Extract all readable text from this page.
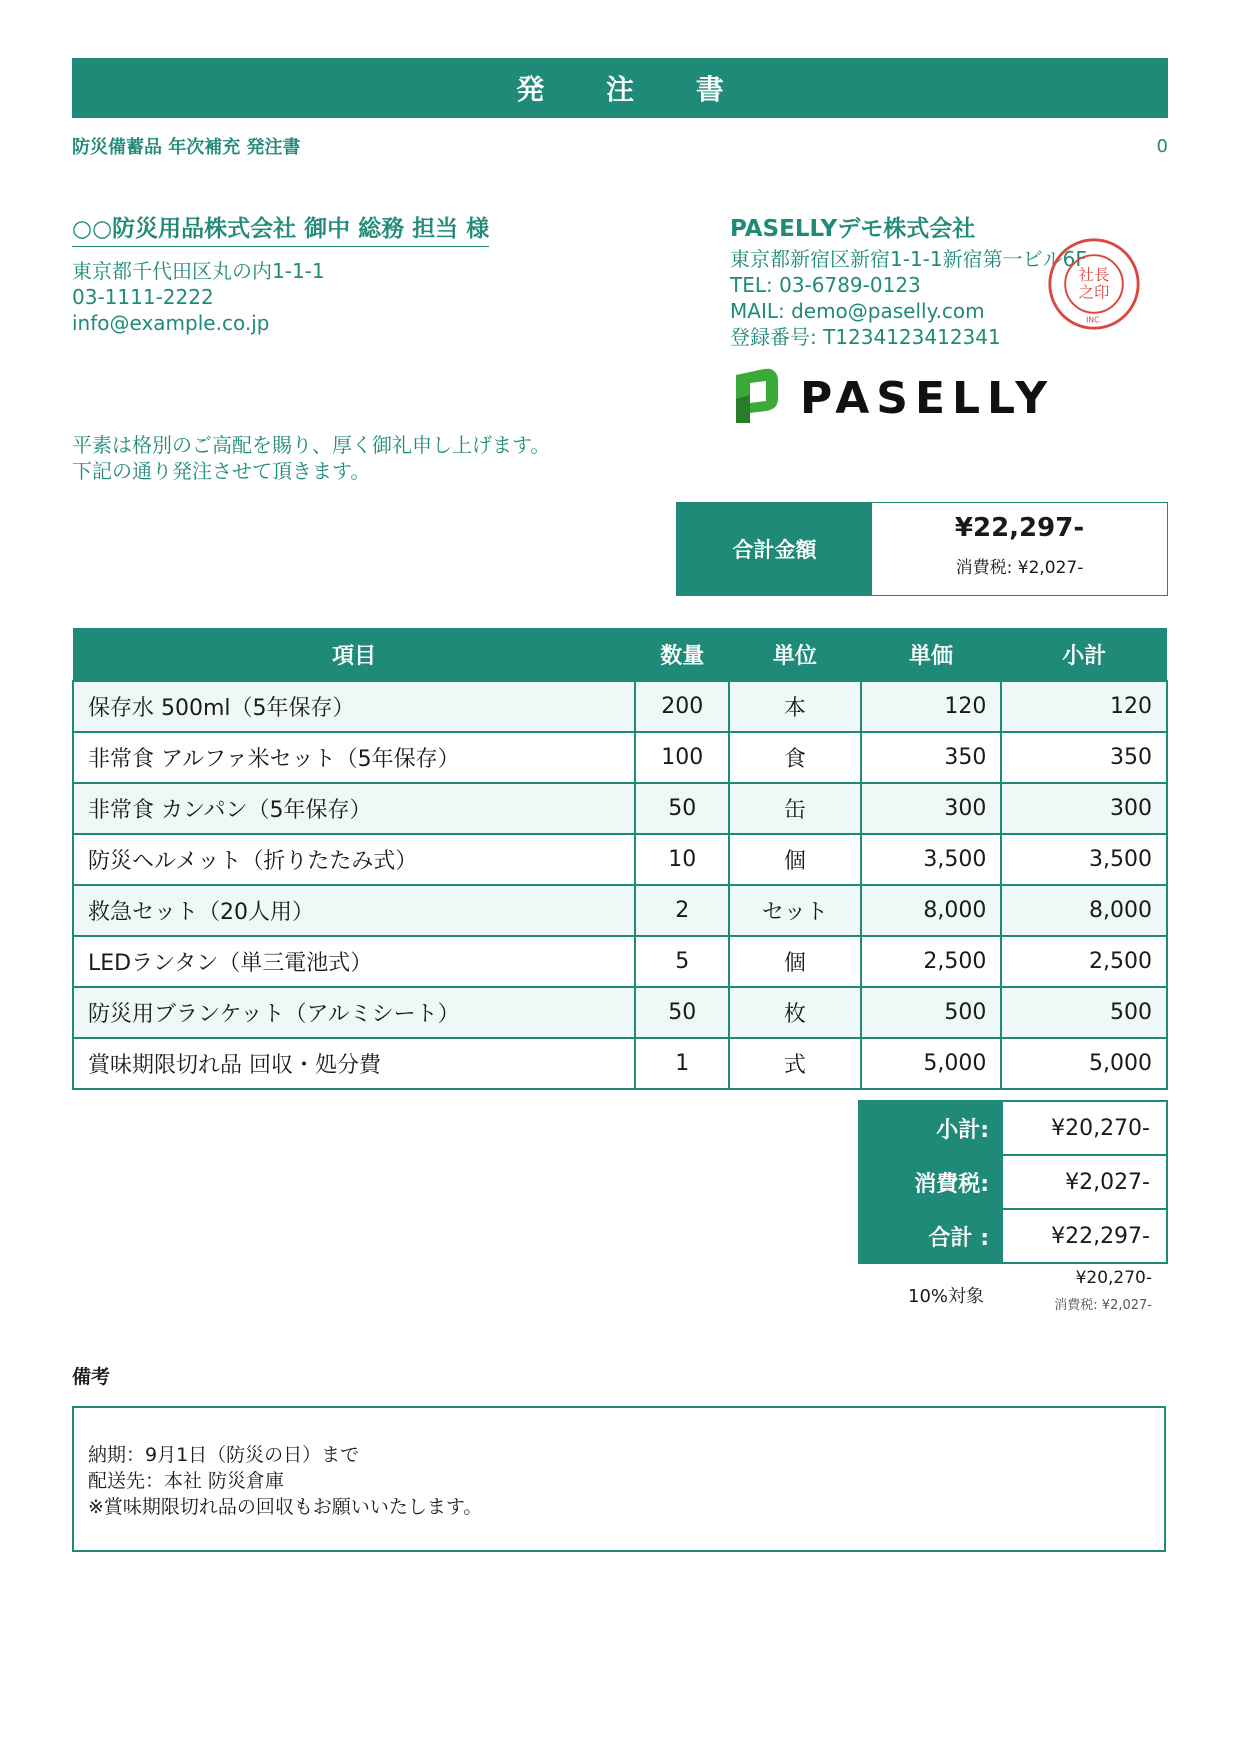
発 注 書
防災備蓄品 年次補充 発注書	0
○○防災用品株式会社 御中 総務 担当 様
東京都千代田区丸の内1-1-1
03-1111-2222
info@example.co.jp
PASELLYデモ株式会社
東京都新宿区新宿1-1-1新宿第一ビル6F
TEL: 03-6789-0123
MAIL: demo@paselly.com
登録番号: T1234123412341
社長
之印
INC.
PASELLY
平素は格別のご高配を賜り、厚く御礼申し上げます。
下記の通り発注させて頂きます。
合計金額
¥22,297-
消費税: ¥2,027-
項目	数量	単位	単価	小計
保存水 500ml（5年保存）	200	本	120	120
非常食 アルファ米セット（5年保存）	100	食	350	350
非常食 カンパン（5年保存）	50	缶	300	300
防災ヘルメット（折りたたみ式）	10	個	3,500	3,500
救急セット（20人用）	2	セット	8,000	8,000
LEDランタン（単三電池式）	5	個	2,500	2,500
防災用ブランケット（アルミシート）	50	枚	500	500
賞味期限切れ品 回収・処分費	1	式	5,000	5,000
小計:	¥20,270-
消費税:	¥2,027-
合計 :	¥22,297-
10%対象
¥20,270-
消費税: ¥2,027-
備考
納期：9月1日（防災の日）まで
配送先：本社 防災倉庫
※賞味期限切れ品の回収もお願いいたします。
